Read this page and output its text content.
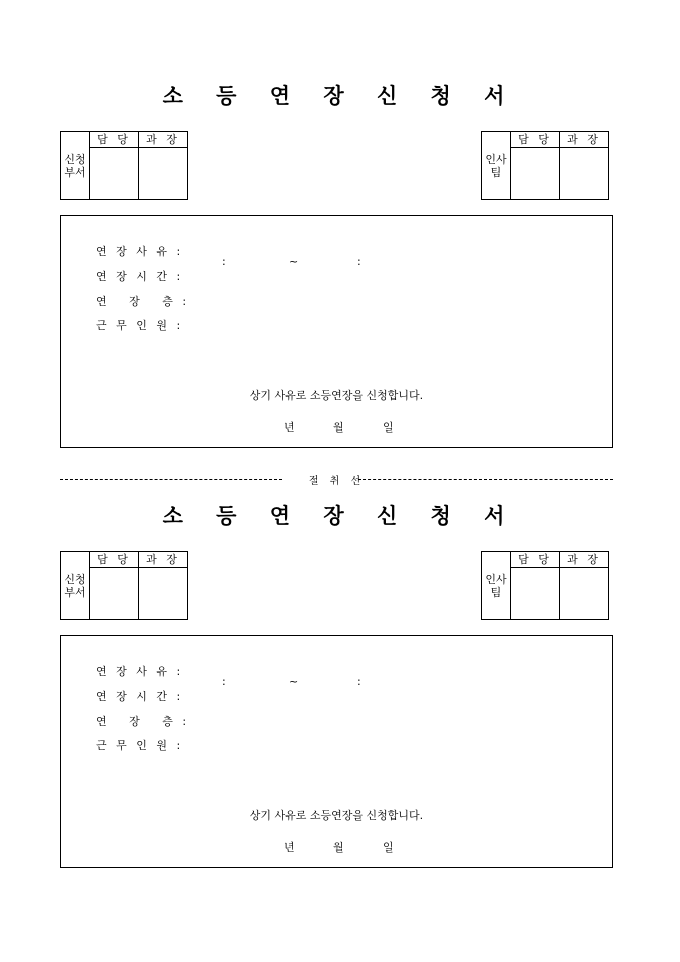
소 등 연 장 신 청 서
신청
부서	담 당	과 장

인사
팀	담 당	과 장

연 장 사 유 :

연 장 시 간 :

:	~	:

연   장   층 :

근 무 인 원 :

상기 사유로 소등연장을 신청합니다.
년	월	일
절 취 선
소 등 연 장 신 청 서
신청
부서	담 당	과 장

인사
팀	담 당	과 장

연 장 사 유 :

연 장 시 간 :

:	~	:

연   장   층 :

근 무 인 원 :

상기 사유로 소등연장을 신청합니다.
년	월	일
